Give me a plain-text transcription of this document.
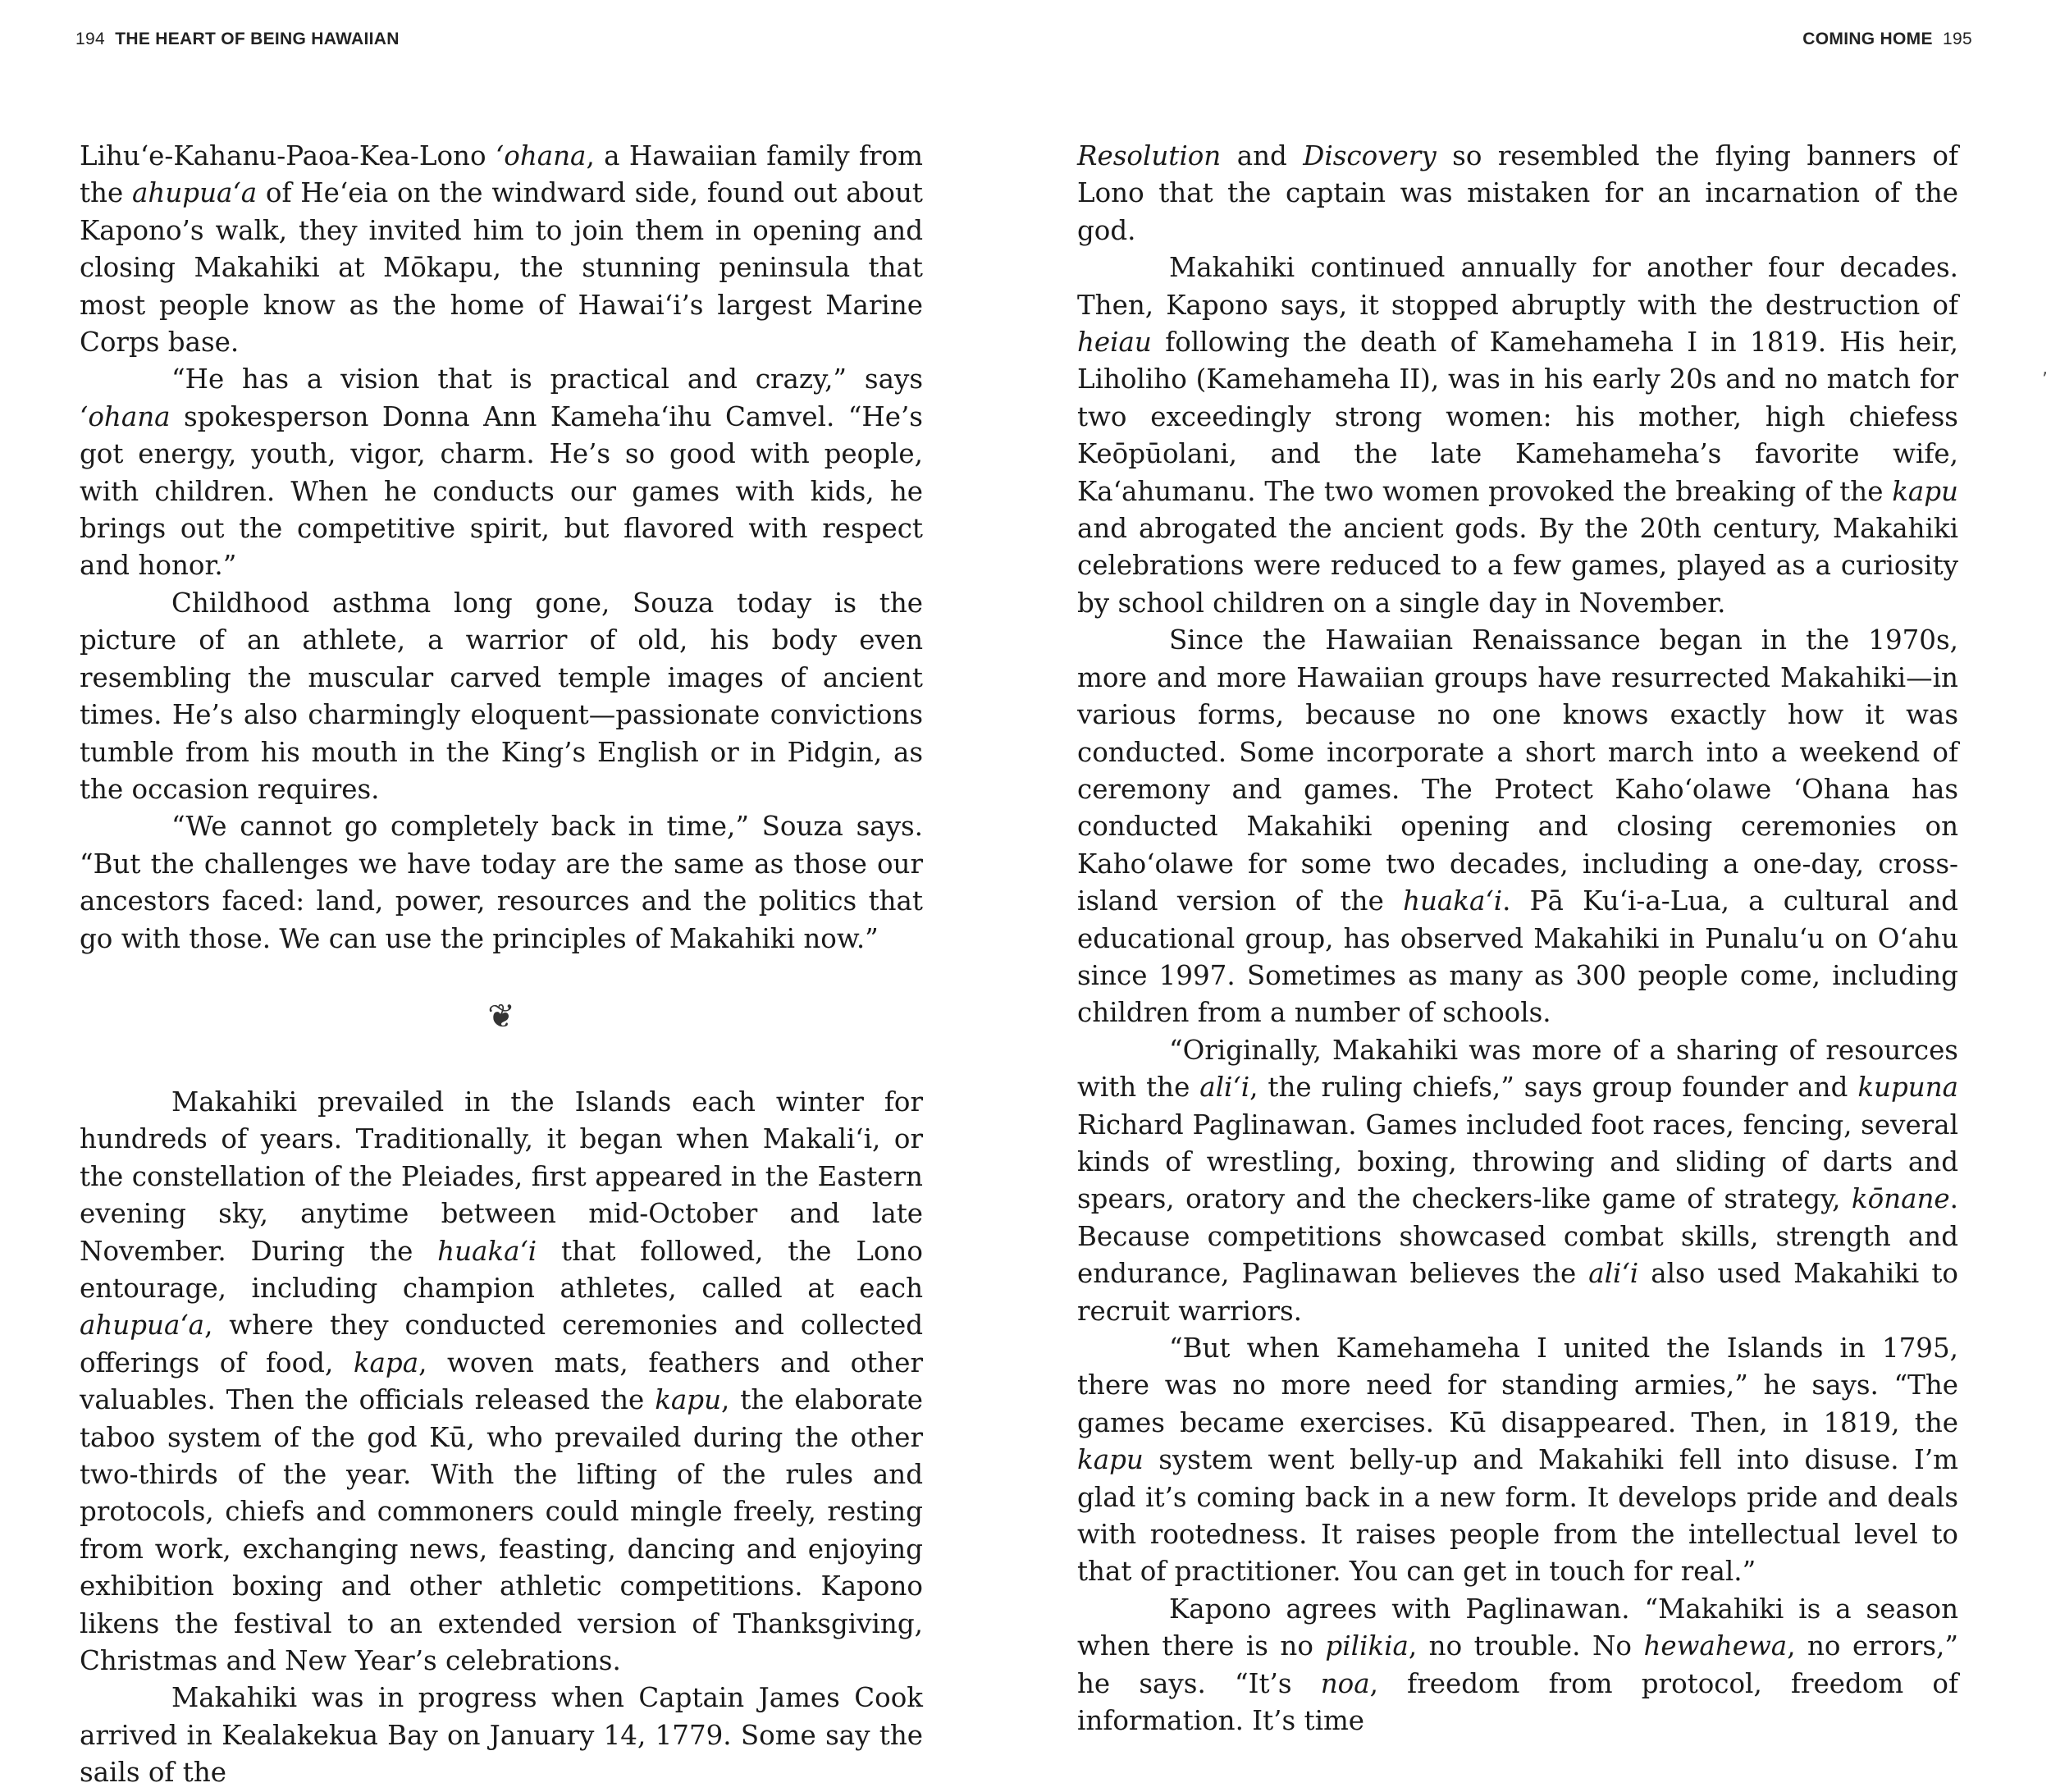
194 THE HEART OF BEING HAWAIIAN

Lihuʻe-Kahanu-Paoa-Kea-Lono ʻohana, a Hawaiian family from the ahupuaʻa of Heʻeia on the windward side, found out about Kapono’s walk, they invited him to join them in opening and closing Makahiki at Mōkapu, the stunning peninsula that most people know as the home of Hawaiʻi’s largest Marine Corps base.

“He has a vision that is practical and crazy,” says ʻohana spokesperson Donna Ann Kamehaʻihu Camvel. “He’s got energy, youth, vigor, charm. He’s so good with people, with children. When he conducts our games with kids, he brings out the competitive spirit, but flavored with respect and honor.”

Childhood asthma long gone, Souza today is the picture of an athlete, a warrior of old, his body even resembling the muscular carved temple images of ancient times. He’s also charmingly eloquent—passionate convictions tumble from his mouth in the King’s English or in Pidgin, as the occasion requires.

“We cannot go completely back in time,” Souza says. “But the challenges we have today are the same as those our ancestors faced: land, power, resources and the politics that go with those. We can use the principles of Makahiki now.”

❦

Makahiki prevailed in the Islands each winter for hundreds of years. Traditionally, it began when Makaliʻi, or the constellation of the Pleiades, first appeared in the Eastern evening sky, anytime between mid-October and late November. During the huakaʻi that followed, the Lono entourage, including champion athletes, called at each ahupuaʻa, where they conducted ceremonies and collected offerings of food, kapa, woven mats, feathers and other valuables. Then the officials released the kapu, the elaborate taboo system of the god Kū, who prevailed during the other two-thirds of the year. With the lifting of the rules and protocols, chiefs and commoners could mingle freely, resting from work, exchanging news, feasting, dancing and enjoying exhibition boxing and other athletic competitions. Kapono likens the festival to an extended version of Thanksgiving, Christmas and New Year’s celebrations.

Makahiki was in progress when Captain James Cook arrived in Kealakekua Bay on January 14, 1779. Some say the sails of the

COMING HOME 195

Resolution and Discovery so resembled the flying banners of Lono that the captain was mistaken for an incarnation of the god.

Makahiki continued annually for another four decades. Then, Kapono says, it stopped abruptly with the destruction of heiau following the death of Kamehameha I in 1819. His heir, Liholiho (Kamehameha II), was in his early 20s and no match for two exceedingly strong women: his mother, high chiefess Keōpūolani, and the late Kamehameha’s favorite wife, Kaʻahumanu. The two women provoked the breaking of the kapu and abrogated the ancient gods. By the 20th century, Makahiki celebrations were reduced to a few games, played as a curiosity by school children on a single day in November.

Since the Hawaiian Renaissance began in the 1970s, more and more Hawaiian groups have resurrected Makahiki—in various forms, because no one knows exactly how it was conducted. Some incorporate a short march into a weekend of ceremony and games. The Protect Kahoʻolawe ʻOhana has conducted Makahiki opening and closing ceremonies on Kahoʻolawe for some two decades, including a one-day, cross-island version of the huakaʻi. Pā Kuʻi-a-Lua, a cultural and educational group, has observed Makahiki in Punaluʻu on Oʻahu since 1997. Sometimes as many as 300 people come, including children from a number of schools.

“Originally, Makahiki was more of a sharing of resources with the aliʻi, the ruling chiefs,” says group founder and kupuna Richard Paglinawan. Games included foot races, fencing, several kinds of wrestling, boxing, throwing and sliding of darts and spears, oratory and the checkers-like game of strategy, kōnane. Because competitions showcased combat skills, strength and endurance, Paglinawan believes the aliʻi also used Makahiki to recruit warriors.

“But when Kamehameha I united the Islands in 1795, there was no more need for standing armies,” he says. “The games became exercises. Kū disappeared. Then, in 1819, the kapu system went belly-up and Makahiki fell into disuse. I’m glad it’s coming back in a new form. It develops pride and deals with rootedness. It raises people from the intellectual level to that of practitioner. You can get in touch for real.”

Kapono agrees with Paglinawan. “Makahiki is a season when there is no pilikia, no trouble. No hewahewa, no errors,” he says. “It’s noa, freedom from protocol, freedom of information. It’s time

‚
